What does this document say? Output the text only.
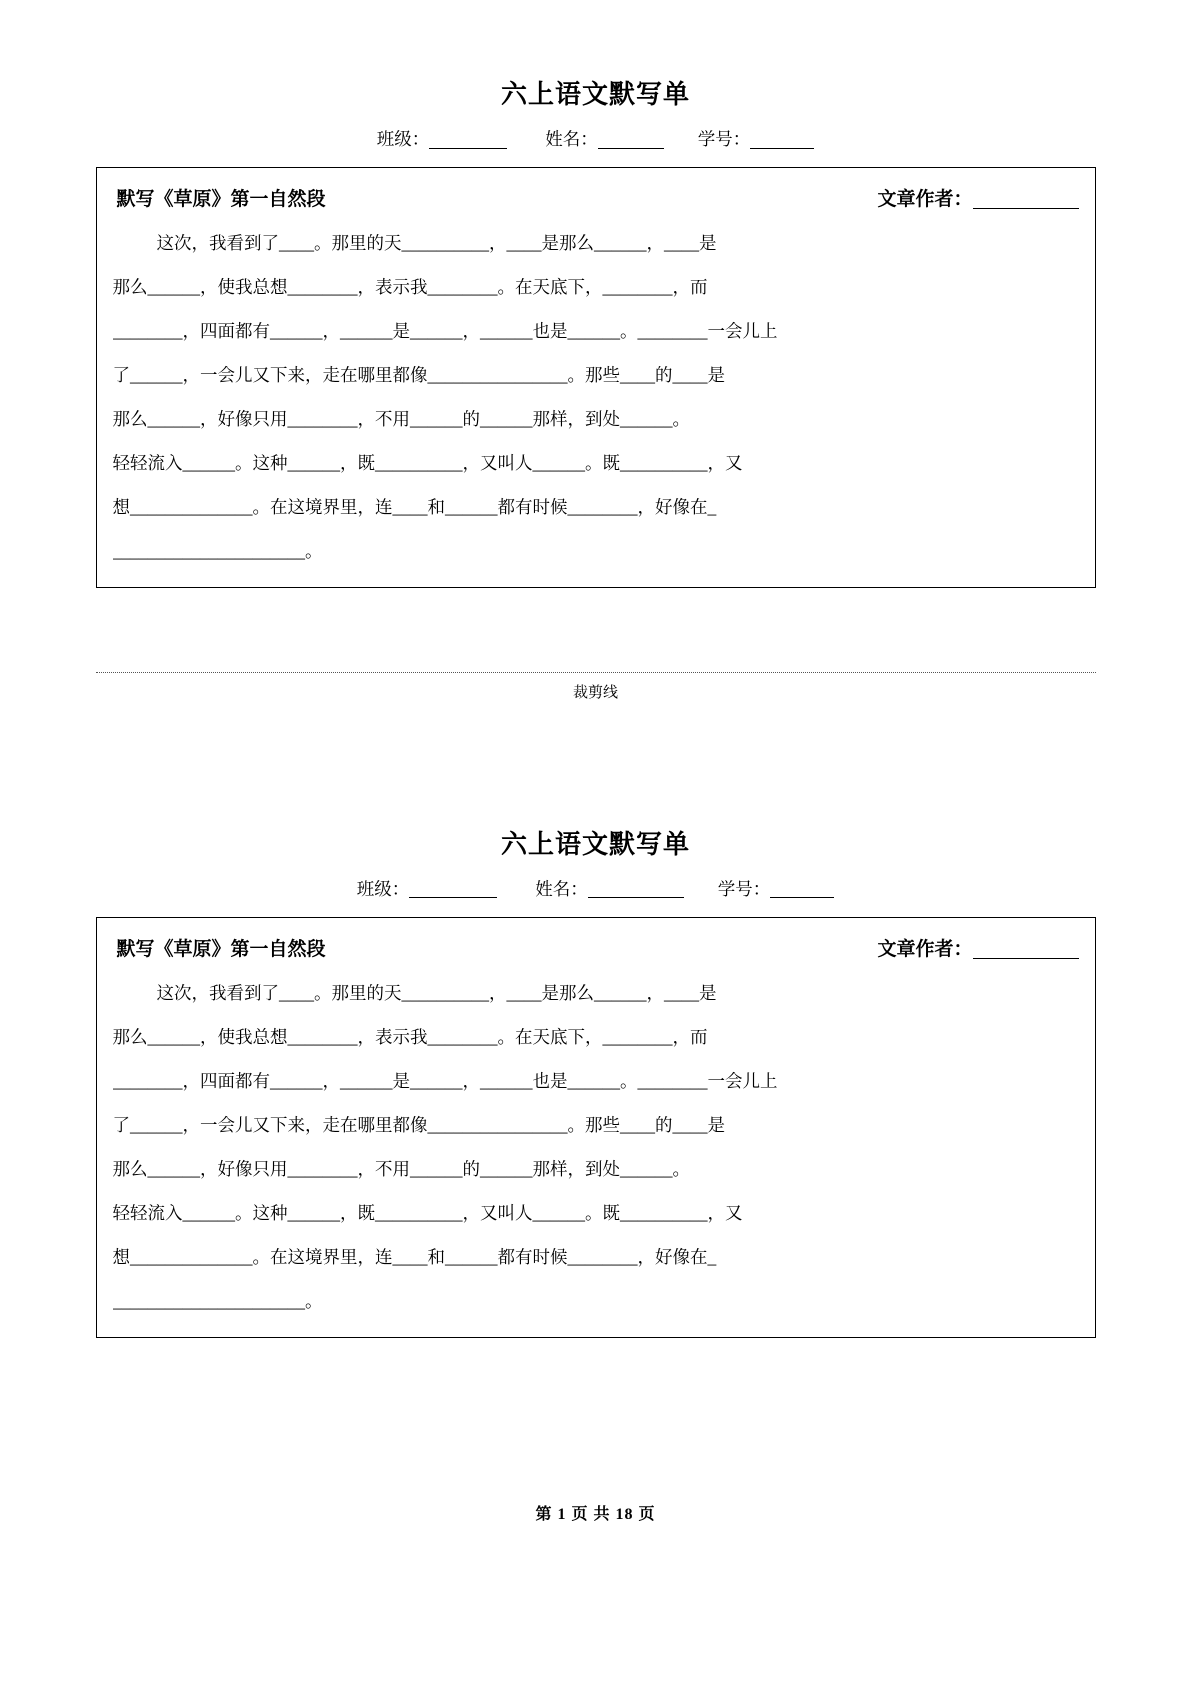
六上语文默写单
班级：	姓名：	学号：
默写《草原》第一自然段	文章作者：
这次，我看到了____。那里的天__________，____是那么______，____是
那么______，使我总想________，表示我________。在天底下，________，而
________，四面都有______，______是______，______也是______。________一会儿上
了______，一会儿又下来，走在哪里都像________________。那些____的____是
那么______，好像只用________，不用______的______那样，到处______。
轻轻流入______。这种______，既__________，又叫人______。既__________，又
想______________。在这境界里，连____和______都有时候________，好像在_
______________________。
裁剪线
六上语文默写单
班级：	姓名：	学号：
默写《草原》第一自然段	文章作者：
这次，我看到了____。那里的天__________，____是那么______，____是
那么______，使我总想________，表示我________。在天底下，________，而
________，四面都有______，______是______，______也是______。________一会儿上
了______，一会儿又下来，走在哪里都像________________。那些____的____是
那么______，好像只用________，不用______的______那样，到处______。
轻轻流入______。这种______，既__________，又叫人______。既__________，又
想______________。在这境界里，连____和______都有时候________，好像在_
______________________。
第 1 页 共 18 页
